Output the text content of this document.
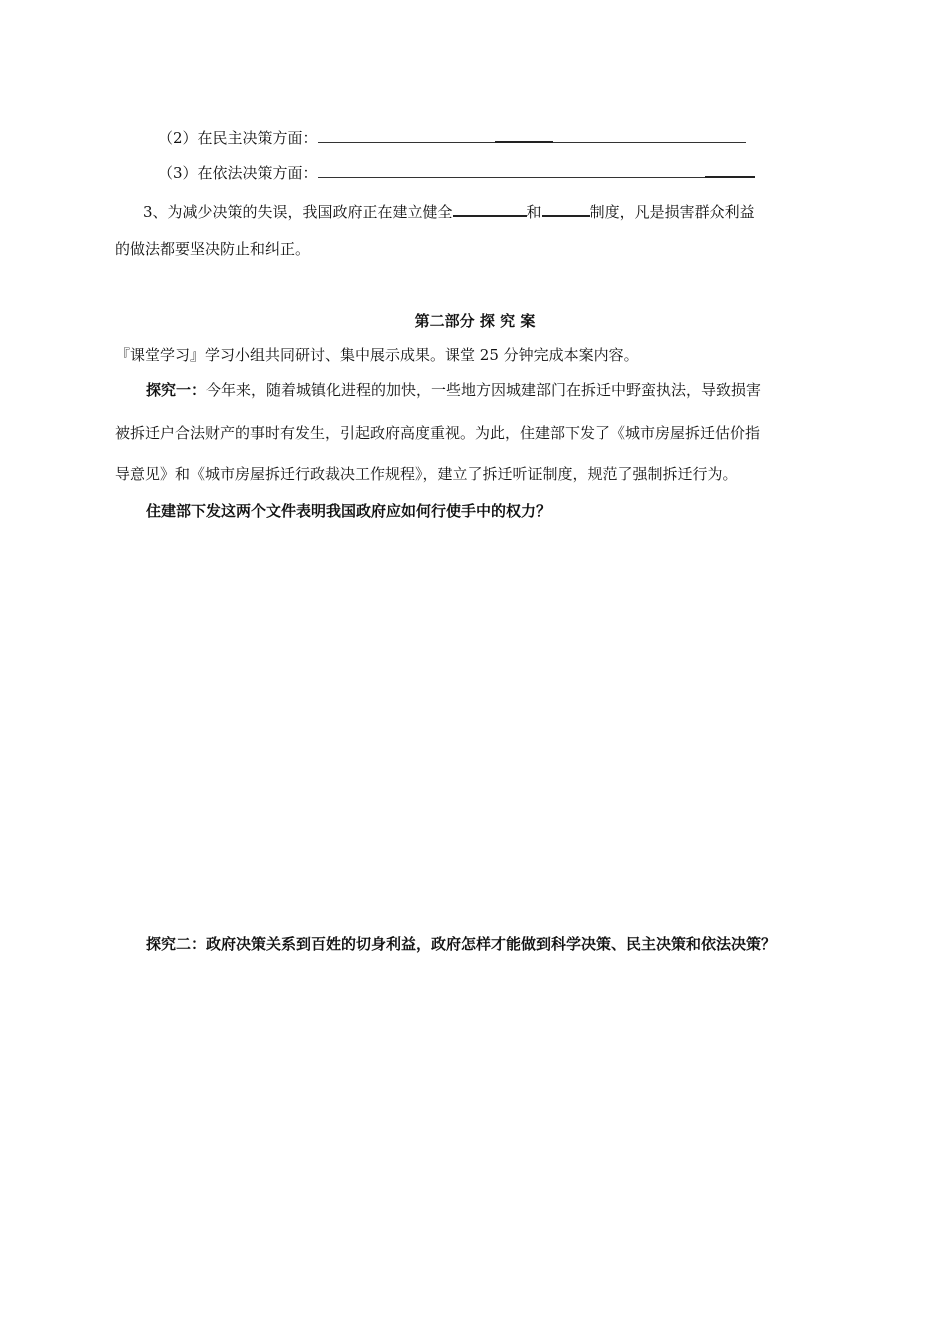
（2）在民主决策方面：
（3）在依法决策方面：
3、为减少决策的失误，我国政府正在建立健全	和	制度，凡是损害群众利益
的做法都要坚决防止和纠正。
第二部分 探 究 案
『课堂学习』学习小组共同研讨、集中展示成果。课堂 25 分钟完成本案内容。
探究一：今年来，随着城镇化进程的加快，一些地方因城建部门在拆迁中野蛮执法，导致损害
被拆迁户合法财产的事时有发生，引起政府高度重视。为此，住建部下发了《城市房屋拆迁估价指
导意见》和《城市房屋拆迁行政裁决工作规程》，建立了拆迁听证制度，规范了强制拆迁行为。
住建部下发这两个文件表明我国政府应如何行使手中的权力？
探究二：政府决策关系到百姓的切身利益，政府怎样才能做到科学决策、民主决策和依法决策？
